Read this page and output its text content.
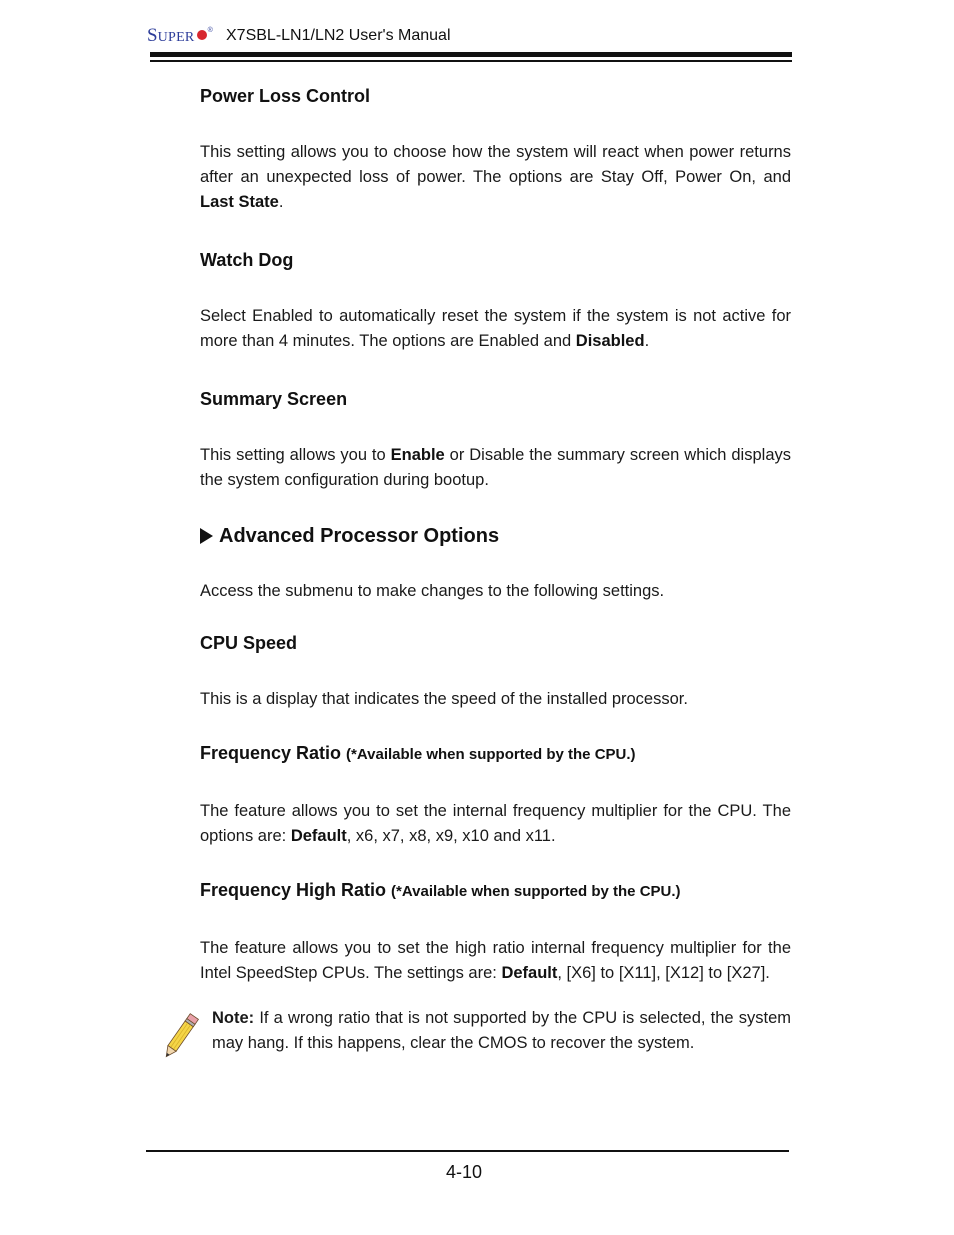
S UPER ® X7SBL-LN1/LN2 User's Manual
Power Loss Control

This setting allows you to choose how the system will react when power returns after an unexpected loss of power. The options are Stay Off, Power On, and Last State.

Watch Dog

Select Enabled to automatically reset the system if the system is not active for more than 4 minutes. The options are Enabled and Disabled.

Summary Screen

This setting allows you to Enable or Disable the summary screen which displays the system configuration during bootup.

Advanced Processor Options

Access the submenu to make changes to the following settings.

CPU Speed

This is a display that indicates the speed of the installed processor.

Frequency Ratio (*Available when supported by the CPU.)

The feature allows you to set the internal frequency multiplier for the CPU. The options are: Default, x6, x7, x8, x9, x10 and x11.

Frequency High Ratio (*Available when supported by the CPU.)

The feature allows you to set the high ratio internal frequency multiplier for the Intel SpeedStep CPUs. The settings are: Default, [X6] to [X11], [X12] to [X27].

Note: If a wrong ratio that is not supported by the CPU is selected, the system may hang. If this happens, clear the CMOS to recover the system.
4-10
